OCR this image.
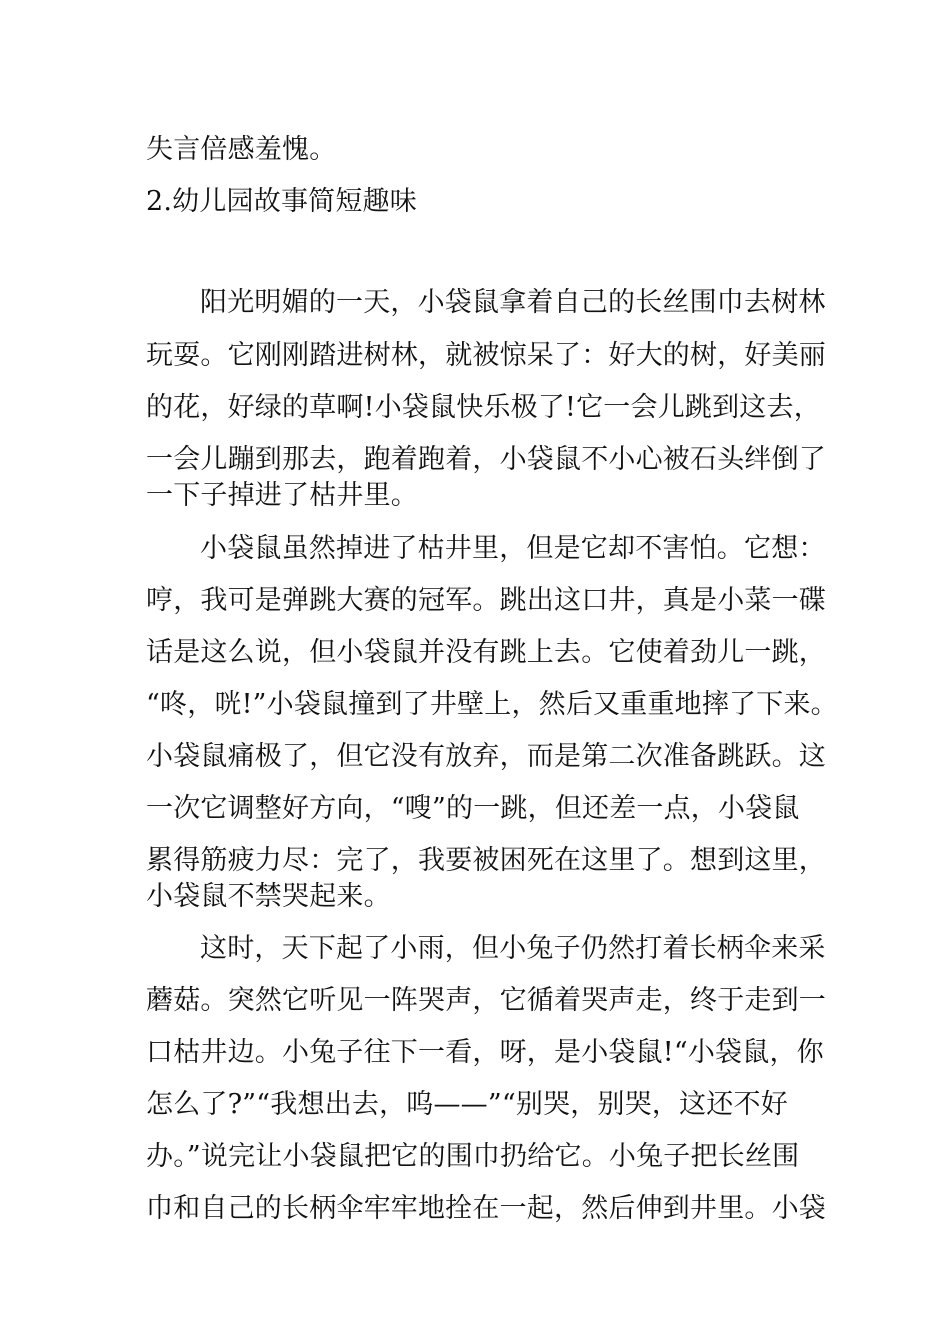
失言倍感羞愧。
2.幼儿园故事简短趣味
阳光明媚的一天，小袋鼠拿着自己的长丝围巾去树林
玩耍。它刚刚踏进树林，就被惊呆了：好大的树，好美丽
的花，好绿的草啊!小袋鼠快乐极了!它一会儿跳到这去，
一会儿蹦到那去，跑着跑着，小袋鼠不小心被石头绊倒了
一下子掉进了枯井里。
小袋鼠虽然掉进了枯井里，但是它却不害怕。它想：
哼，我可是弹跳大赛的冠军。跳出这口井，真是小菜一碟
话是这么说，但小袋鼠并没有跳上去。它使着劲儿一跳，
“咚，咣!”小袋鼠撞到了井壁上，然后又重重地摔了下来。
小袋鼠痛极了，但它没有放弃，而是第二次准备跳跃。这
一次它调整好方向，“嗖”的一跳，但还差一点，小袋鼠
累得筋疲力尽：完了，我要被困死在这里了。想到这里，
小袋鼠不禁哭起来。
这时，天下起了小雨，但小兔子仍然打着长柄伞来采
蘑菇。突然它听见一阵哭声，它循着哭声走，终于走到一
口枯井边。小兔子往下一看，呀，是小袋鼠!“小袋鼠，你
怎么了?”“我想出去，呜——”“别哭，别哭，这还不好
办。”说完让小袋鼠把它的围巾扔给它。小兔子把长丝围
巾和自己的长柄伞牢牢地拴在一起，然后伸到井里。小袋
